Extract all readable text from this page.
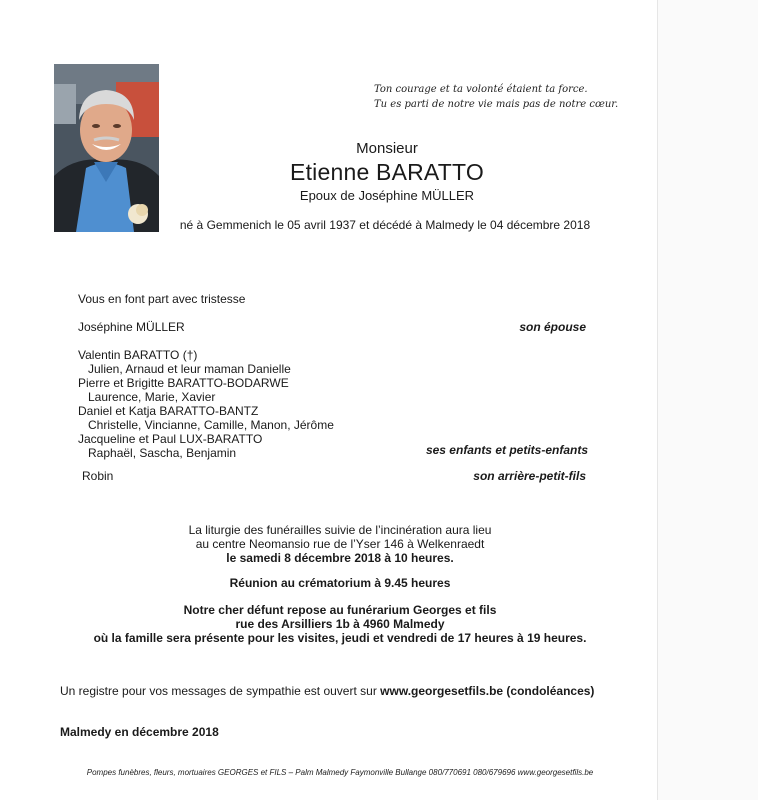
Ton courage et ta volonté étaient ta force.
Tu es parti de notre vie mais pas de notre cœur.
Monsieur
Etienne BARATTO
Epoux de Joséphine MÜLLER
né à Gemmenich le 05 avril 1937 et décédé à Malmedy le 04 décembre 2018
Vous en font part avec tristesse
Joséphine MÜLLER	son épouse
Valentin BARATTO (†)
Julien, Arnaud et leur maman Danielle
Pierre et Brigitte BARATTO-BODARWE
Laurence, Marie, Xavier
Daniel et Katja BARATTO-BANTZ
Christelle, Vincianne, Camille, Manon, Jérôme
Jacqueline et Paul LUX-BARATTO
Raphaël, Sascha, Benjamin	ses enfants et petits-enfants
Robin	son arrière-petit-fils
La liturgie des funérailles suivie de l’incinération aura lieu
au centre Neomansio rue de l’Yser 146 à Welkenraedt
le samedi 8 décembre 2018 à 10 heures.
Réunion au crématorium à 9.45 heures
Notre cher défunt repose au funérarium Georges et fils
rue des Arsilliers 1b à 4960 Malmedy
où la famille sera présente pour les visites, jeudi et vendredi de 17 heures à 19 heures.
Un registre pour vos messages de sympathie est ouvert sur www.georgesetfils.be (condoléances)
Malmedy en décembre 2018
Pompes funèbres, fleurs, mortuaires GEORGES et FILS – Palm Malmedy Faymonville Bullange 080/770691 080/679696 www.georgesetfils.be
